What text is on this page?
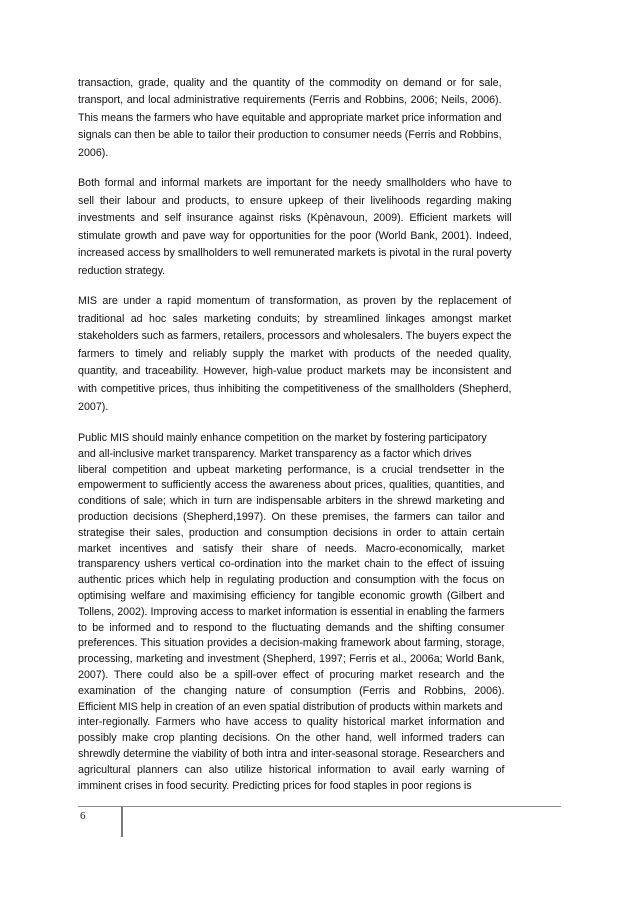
transaction, grade, quality and the quantity of the commodity on demand or for sale,
transport, and local administrative requirements (Ferris and Robbins, 2006; Neils, 2006).
This means the farmers who have equitable and appropriate market price information and
signals can then be able to tailor their production to consumer needs (Ferris and Robbins,
2006).

Both formal and informal markets are important for the needy smallholders who have to
sell their labour and products, to ensure upkeep of their livelihoods regarding making
investments and self insurance against risks (Kpènavoun, 2009). Efficient markets will
stimulate growth and pave way for opportunities for the poor (World Bank, 2001). Indeed,
increased access by smallholders to well remunerated markets is pivotal in the rural poverty
reduction strategy.

MIS are under a rapid momentum of transformation, as proven by the replacement of
traditional ad hoc sales marketing conduits; by streamlined linkages amongst market
stakeholders such as farmers, retailers, processors and wholesalers. The buyers expect the
farmers to timely and reliably supply the market with products of the needed quality,
quantity, and traceability. However, high-value product markets may be inconsistent and
with competitive prices, thus inhibiting the competitiveness of the smallholders (Shepherd,
2007).

Public MIS should mainly enhance competition on the market by fostering participatory
and all-inclusive market transparency. Market transparency as a factor which drives
liberal competition and upbeat marketing performance, is a crucial trendsetter in the
empowerment to sufficiently access the awareness about prices, qualities, quantities, and
conditions of sale; which in turn are indispensable arbiters in the shrewd marketing and
production decisions (Shepherd,1997). On these premises, the farmers can tailor and
strategise their sales, production and consumption decisions in order to attain certain
market incentives and satisfy their share of needs. Macro-economically, market
transparency ushers vertical co-ordination into the market chain to the effect of issuing
authentic prices which help in regulating production and consumption with the focus on
optimising welfare and maximising efficiency for tangible economic growth (Gilbert and
Tollens, 2002). Improving access to market information is essential in enabling the farmers
to be informed and to respond to the fluctuating demands and the shifting consumer
preferences. This situation provides a decision-making framework about farming, storage,
processing, marketing and investment (Shepherd, 1997; Ferris et al., 2006a; World Bank,
2007). There could also be a spill-over effect of procuring market research and the
examination of the changing nature of consumption (Ferris and Robbins, 2006).
Efficient MIS help in creation of an even spatial distribution of products within markets and
inter-regionally. Farmers who have access to quality historical market information and
possibly make crop planting decisions. On the other hand, well informed traders can
shrewdly determine the viability of both intra and inter-seasonal storage. Researchers and
agricultural planners can also utilize historical information to avail early warning of
imminent crises in food security. Predicting prices for food staples in poor regions is

6
